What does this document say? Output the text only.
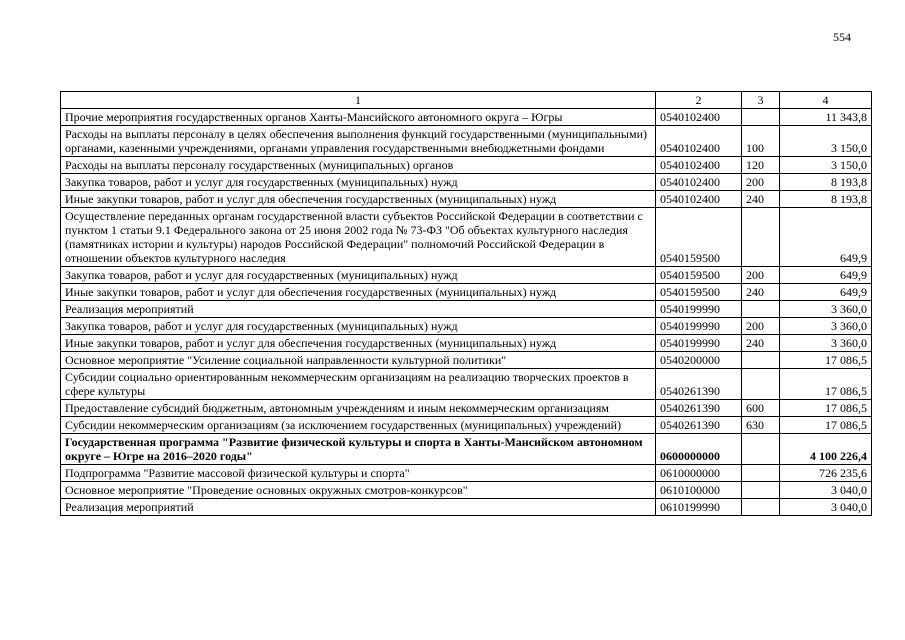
554
1	2	3	4
Прочие мероприятия государственных органов Ханты-Мансийского автономного округа – Югры	0540102400		11 343,8
Расходы на выплаты персоналу в целях обеспечения выполнения функций государственными (муниципальными) органами, казенными учреждениями, органами управления государственными внебюджетными фондами	0540102400	100	3 150,0
Расходы на выплаты персоналу государственных (муниципальных) органов	0540102400	120	3 150,0
Закупка товаров, работ и услуг для государственных (муниципальных) нужд	0540102400	200	8 193,8
Иные закупки товаров, работ и услуг для обеспечения государственных (муниципальных) нужд	0540102400	240	8 193,8
Осуществление переданных органам государственной власти субъектов Российской Федерации в соответствии с пунктом 1 статьи 9.1 Федерального закона от 25 июня 2002 года № 73-ФЗ "Об объектах культурного наследия (памятниках истории и культуры) народов Российской Федерации" полномочий Российской Федерации в отношении объектов культурного наследия	0540159500		649,9
Закупка товаров, работ и услуг для государственных (муниципальных) нужд	0540159500	200	649,9
Иные закупки товаров, работ и услуг для обеспечения государственных (муниципальных) нужд	0540159500	240	649,9
Реализация мероприятий	0540199990		3 360,0
Закупка товаров, работ и услуг для государственных (муниципальных) нужд	0540199990	200	3 360,0
Иные закупки товаров, работ и услуг для обеспечения государственных (муниципальных) нужд	0540199990	240	3 360,0
Основное мероприятие "Усиление социальной направленности культурной политики"	0540200000		17 086,5
Субсидии социально ориентированным некоммерческим организациям на реализацию творческих проектов в сфере культуры	0540261390		17 086,5
Предоставление субсидий бюджетным, автономным учреждениям и иным некоммерческим организациям	0540261390	600	17 086,5
Субсидии некоммерческим организациям (за исключением государственных (муниципальных) учреждений)	0540261390	630	17 086,5
Государственная программа "Развитие физической культуры и спорта в Ханты-Мансийском автономном округе – Югре на 2016–2020 годы"	0600000000		4 100 226,4
Подпрограмма "Развитие массовой физической культуры и спорта"	0610000000		726 235,6
Основное мероприятие "Проведение основных окружных смотров-конкурсов"	0610100000		3 040,0
Реализация мероприятий	0610199990		3 040,0
